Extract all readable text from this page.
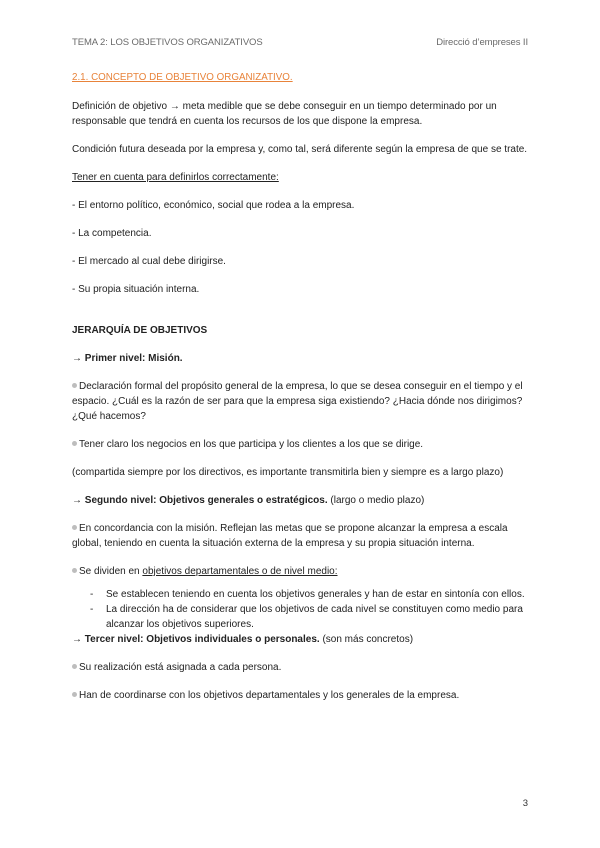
TEMA 2: LOS OBJETIVOS ORGANIZATIVOS	Direcció d’empreses II

2.1. CONCEPTO DE OBJETIVO ORGANIZATIVO.

Definición de objetivo → meta medible que se debe conseguir en un tiempo determinado por un responsable que tendrá en cuenta los recursos de los que dispone la empresa.

Condición futura deseada por la empresa y, como tal, será diferente según la empresa de que se trate.

Tener en cuenta para definirlos correctamente:

- El entorno político, económico, social que rodea a la empresa.

- La competencia.

- El mercado al cual debe dirigirse.

- Su propia situación interna.

JERARQUÍA DE OBJETIVOS

→ Primer nivel: Misión.

Declaración formal del propósito general de la empresa, lo que se desea conseguir en el tiempo y el espacio. ¿Cuál es la razón de ser para que la empresa siga existiendo? ¿Hacia dónde nos dirigimos? ¿Qué hacemos?

Tener claro los negocios en los que participa y los clientes a los que se dirige.

(compartida siempre por los directivos, es importante transmitirla bien y siempre es a largo plazo)

→ Segundo nivel: Objetivos generales o estratégicos. (largo o medio plazo)

En concordancia con la misión. Reflejan las metas que se propone alcanzar la empresa a escala global, teniendo en cuenta la situación externa de la empresa y su propia situación interna.

Se dividen en objetivos departamentales o de nivel medio:

- Se establecen teniendo en cuenta los objetivos generales y han de estar en sintonía con ellos.
- La dirección ha de considerar que los objetivos de cada nivel se constituyen como medio para alcanzar los objetivos superiores.

→ Tercer nivel: Objetivos individuales o personales. (son más concretos)

Su realización está asignada a cada persona.

Han de coordinarse con los objetivos departamentales y los generales de la empresa.

3
